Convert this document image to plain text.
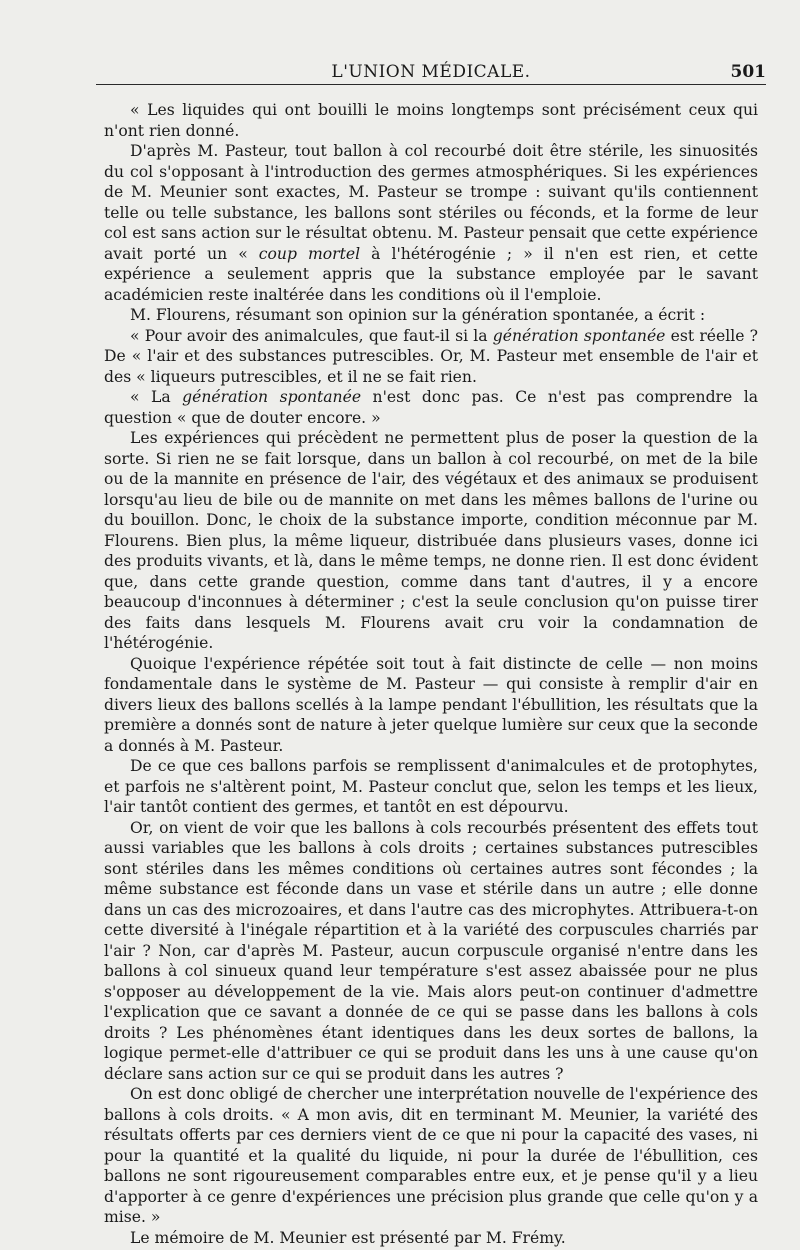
L'UNION MÉDICALE.	501

« Les liquides qui ont bouilli le moins longtemps sont précisément ceux qui n'ont rien donné.

D'après M. Pasteur, tout ballon à col recourbé doit être stérile, les sinuosités du col s'opposant à l'introduction des germes atmosphériques. Si les expériences de M. Meunier sont exactes, M. Pasteur se trompe : suivant qu'ils contiennent telle ou telle substance, les ballons sont stériles ou féconds, et la forme de leur col est sans action sur le résultat obtenu. M. Pasteur pensait que cette expérience avait porté un « coup mortel à l'hétérogénie ; » il n'en est rien, et cette expérience a seulement appris que la substance employée par le savant académicien reste inaltérée dans les conditions où il l'emploie.

M. Flourens, résumant son opinion sur la génération spontanée, a écrit :

« Pour avoir des animalcules, que faut-il si la génération spontanée est réelle ? De « l'air et des substances putrescibles. Or, M. Pasteur met ensemble de l'air et des « liqueurs putrescibles, et il ne se fait rien.

« La génération spontanée n'est donc pas. Ce n'est pas comprendre la question « que de douter encore. »

Les expériences qui précèdent ne permettent plus de poser la question de la sorte. Si rien ne se fait lorsque, dans un ballon à col recourbé, on met de la bile ou de la mannite en présence de l'air, des végétaux et des animaux se produisent lorsqu'au lieu de bile ou de mannite on met dans les mêmes ballons de l'urine ou du bouillon. Donc, le choix de la substance importe, condition méconnue par M. Flourens. Bien plus, la même liqueur, distribuée dans plusieurs vases, donne ici des produits vivants, et là, dans le même temps, ne donne rien. Il est donc évident que, dans cette grande question, comme dans tant d'autres, il y a encore beaucoup d'inconnues à déterminer ; c'est la seule conclusion qu'on puisse tirer des faits dans lesquels M. Flourens avait cru voir la condamnation de l'hétérogénie.

Quoique l'expérience répétée soit tout à fait distincte de celle — non moins fondamentale dans le système de M. Pasteur — qui consiste à remplir d'air en divers lieux des ballons scellés à la lampe pendant l'ébullition, les résultats que la première a donnés sont de nature à jeter quelque lumière sur ceux que la seconde a donnés à M. Pasteur.

De ce que ces ballons parfois se remplissent d'animalcules et de protophytes, et parfois ne s'altèrent point, M. Pasteur conclut que, selon les temps et les lieux, l'air tantôt contient des germes, et tantôt en est dépourvu.

Or, on vient de voir que les ballons à cols recourbés présentent des effets tout aussi variables que les ballons à cols droits ; certaines substances putrescibles sont stériles dans les mêmes conditions où certaines autres sont fécondes ; la même substance est féconde dans un vase et stérile dans un autre ; elle donne dans un cas des microzoaires, et dans l'autre cas des microphytes. Attribuera-t-on cette diversité à l'inégale répartition et à la variété des corpuscules charriés par l'air ? Non, car d'après M. Pasteur, aucun corpuscule organisé n'entre dans les ballons à col sinueux quand leur température s'est assez abaissée pour ne plus s'opposer au développement de la vie. Mais alors peut-on continuer d'admettre l'explication que ce savant a donnée de ce qui se passe dans les ballons à cols droits ? Les phénomènes étant identiques dans les deux sortes de ballons, la logique permet-elle d'attribuer ce qui se produit dans les uns à une cause qu'on déclare sans action sur ce qui se produit dans les autres ?

On est donc obligé de chercher une interprétation nouvelle de l'expérience des ballons à cols droits. « A mon avis, dit en terminant M. Meunier, la variété des résultats offerts par ces derniers vient de ce que ni pour la capacité des vases, ni pour la quantité et la qualité du liquide, ni pour la durée de l'ébullition, ces ballons ne sont rigoureusement comparables entre eux, et je pense qu'il y a lieu d'apporter à ce genre d'expériences une précision plus grande que celle qu'on y a mise. »

Le mémoire de M. Meunier est présenté par M. Frémy.
